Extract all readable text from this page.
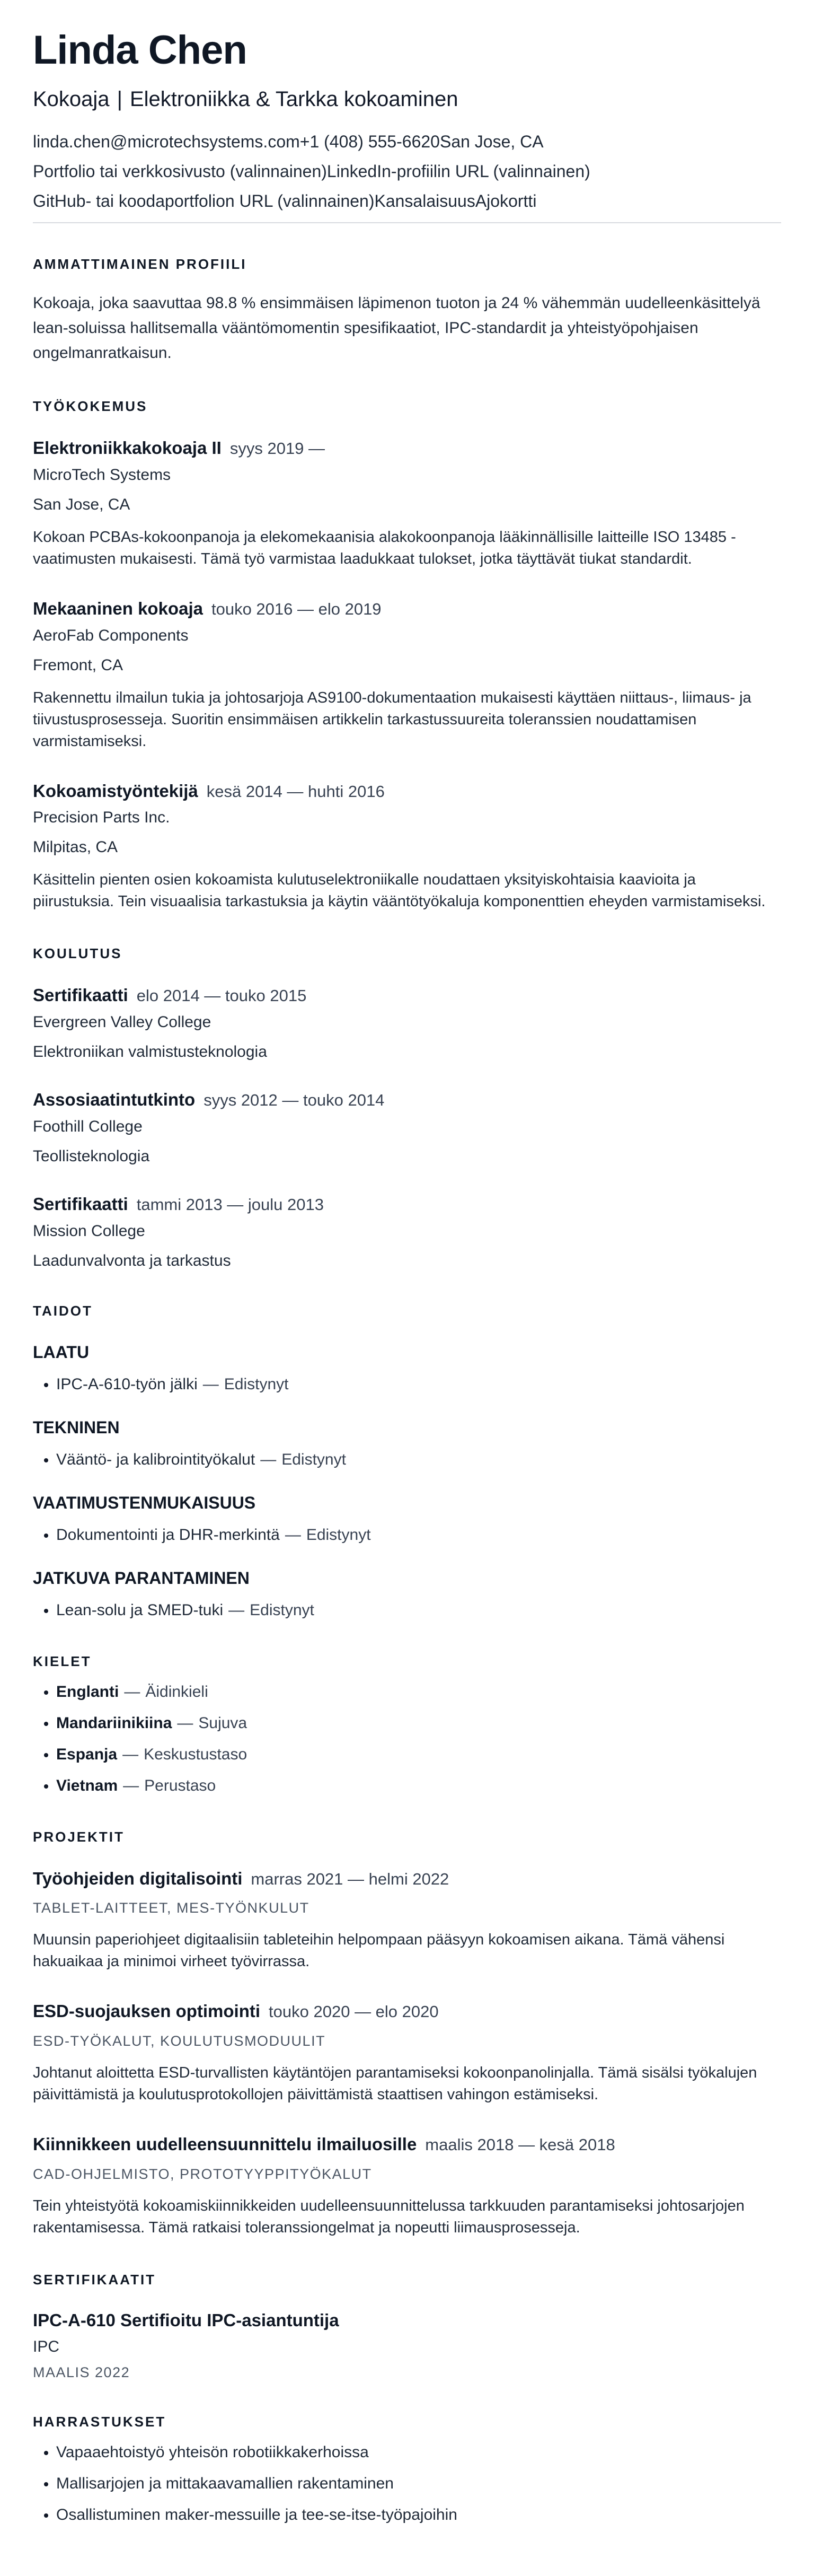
Linda Chen
Kokoaja | Elektroniikka & Tarkka kokoaminen
linda.chen@microtechsystems.com+1 (408) 555-6620San Jose, CA
Portfolio tai verkkosivusto (valinnainen)LinkedIn-profiilin URL (valinnainen)
GitHub- tai koodaportfolion URL (valinnainen)KansalaisuusAjokortti
AMMATTIMAINEN PROFIILI

Kokoaja, joka saavuttaa 98.8 % ensimmäisen läpimenon tuoton ja 24 % vähemmän uudelleenkäsittelyä lean-soluissa hallitsemalla vääntömomentin spesifikaatiot, IPC-standardit ja yhteistyöpohjaisen ongelmanratkaisun.

TYÖKOKEMUS
Elektroniikkakokoaja II syys 2019 —
MicroTech Systems
San Jose, CA

Kokoan PCBAs-kokoonpanoja ja elekomekaanisia alakokoonpanoja lääkinnällisille laitteille ISO 13485 -vaatimusten mukaisesti. Tämä työ varmistaa laadukkaat tulokset, jotka täyttävät tiukat standardit.

Mekaaninen kokoaja touko 2016 — elo 2019
AeroFab Components
Fremont, CA

Rakennettu ilmailun tukia ja johtosarjoja AS9100-dokumentaation mukaisesti käyttäen niittaus-, liimaus- ja tiivustusprosesseja. Suoritin ensimmäisen artikkelin tarkastussuureita toleranssien noudattamisen varmistamiseksi.

Kokoamistyöntekijä kesä 2014 — huhti 2016
Precision Parts Inc.
Milpitas, CA

Käsittelin pienten osien kokoamista kulutuselektroniikalle noudattaen yksityiskohtaisia kaavioita ja piirustuksia. Tein visuaalisia tarkastuksia ja käytin vääntötyökaluja komponenttien eheyden varmistamiseksi.

KOULUTUS
Sertifikaatti elo 2014 — touko 2015
Evergreen Valley College
Elektroniikan valmistusteknologia
Assosiaatintutkinto syys 2012 — touko 2014
Foothill College
Teollisteknologia
Sertifikaatti tammi 2013 — joulu 2013
Mission College
Laadunvalvonta ja tarkastus
TAIDOT
LAATU
• IPC-A-610-työn jälki — Edistynyt
TEKNINEN
• Vääntö- ja kalibrointityökalut — Edistynyt
VAATIMUSTENMUKAISUUS
• Dokumentointi ja DHR-merkintä — Edistynyt
JATKUVA PARANTAMINEN
• Lean-solu ja SMED-tuki — Edistynyt
KIELET
• Englanti — Äidinkieli
• Mandariinikiina — Sujuva
• Espanja — Keskustustaso
• Vietnam — Perustaso
PROJEKTIT
Työohjeiden digitalisointi marras 2021 — helmi 2022
TABLET-LAITTEET, MES-TYÖNKULUT

Muunsin paperiohjeet digitaalisiin tableteihin helpompaan pääsyyn kokoamisen aikana. Tämä vähensi hakuaikaa ja minimoi virheet työvirrassa.

ESD-suojauksen optimointi touko 2020 — elo 2020
ESD-TYÖKALUT, KOULUTUSMODUULIT

Johtanut aloittetta ESD-turvallisten käytäntöjen parantamiseksi kokoonpanolinjalla. Tämä sisälsi työkalujen päivittämistä ja koulutusprotokollojen päivittämistä staattisen vahingon estämiseksi.

Kiinnikkeen uudelleensuunnittelu ilmailuosille maalis 2018 — kesä 2018
CAD-OHJELMISTO, PROTOTYYPPITYÖKALUT

Tein yhteistyötä kokoamiskiinnikkeiden uudelleensuunnittelussa tarkkuuden parantamiseksi johtosarjojen rakentamisessa. Tämä ratkaisi toleranssiongelmat ja nopeutti liimausprosesseja.

SERTIFIKAATIT
IPC-A-610 Sertifioitu IPC-asiantuntija
IPC
MAALIS 2022
HARRASTUKSET
• Vapaaehtoistyö yhteisön robotiikkakerhoissa
• Mallisarjojen ja mittakaavamallien rakentaminen
• Osallistuminen maker-messuille ja tee-se-itse-työpajoihin
